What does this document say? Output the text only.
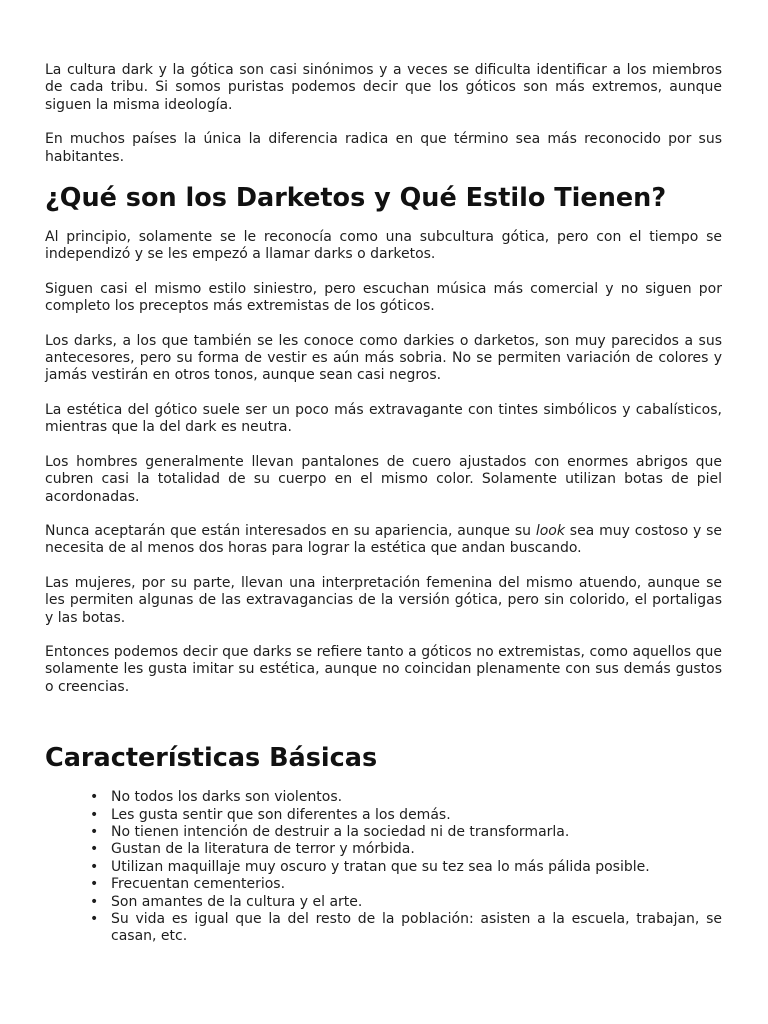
La cultura dark y la gótica son casi sinónimos y a veces se dificulta identificar a los miembros de cada tribu. Si somos puristas podemos decir que los góticos son más extremos, aunque siguen la misma ideología.

En muchos países la única la diferencia radica en que término sea más reconocido por sus habitantes.

¿Qué son los Darketos y Qué Estilo Tienen?

Al principio, solamente se le reconocía como una subcultura gótica, pero con el tiempo se independizó y se les empezó a llamar darks o darketos.

Siguen casi el mismo estilo siniestro, pero escuchan música más comercial y no siguen por completo los preceptos más extremistas de los góticos.

Los darks, a los que también se les conoce como darkies o darketos, son muy parecidos a sus antecesores, pero su forma de vestir es aún más sobria. No se permiten variación de colores y jamás vestirán en otros tonos, aunque sean casi negros.

La estética del gótico suele ser un poco más extravagante con tintes simbólicos y cabalísticos, mientras que la del dark es neutra.

Los hombres generalmente llevan pantalones de cuero ajustados con enormes abrigos que cubren casi la totalidad de su cuerpo en el mismo color. Solamente utilizan botas de piel acordonadas.

Nunca aceptarán que están interesados en su apariencia, aunque su look sea muy costoso y se necesita de al menos dos horas para lograr la estética que andan buscando.

Las mujeres, por su parte, llevan una interpretación femenina del mismo atuendo, aunque se les permiten algunas de las extravagancias de la versión gótica, pero sin colorido, el portaligas y las botas.

Entonces podemos decir que darks se refiere tanto a góticos no extremistas, como aquellos que solamente les gusta imitar su estética, aunque no coincidan plenamente con sus demás gustos o creencias.

Características Básicas
• No todos los darks son violentos.
• Les gusta sentir que son diferentes a los demás.
• No tienen intención de destruir a la sociedad ni de transformarla.
• Gustan de la literatura de terror y mórbida.
• Utilizan maquillaje muy oscuro y tratan que su tez sea lo más pálida posible.
• Frecuentan cementerios.
• Son amantes de la cultura y el arte.
• Su vida es igual que la del resto de la población: asisten a la escuela, trabajan, se casan, etc.
